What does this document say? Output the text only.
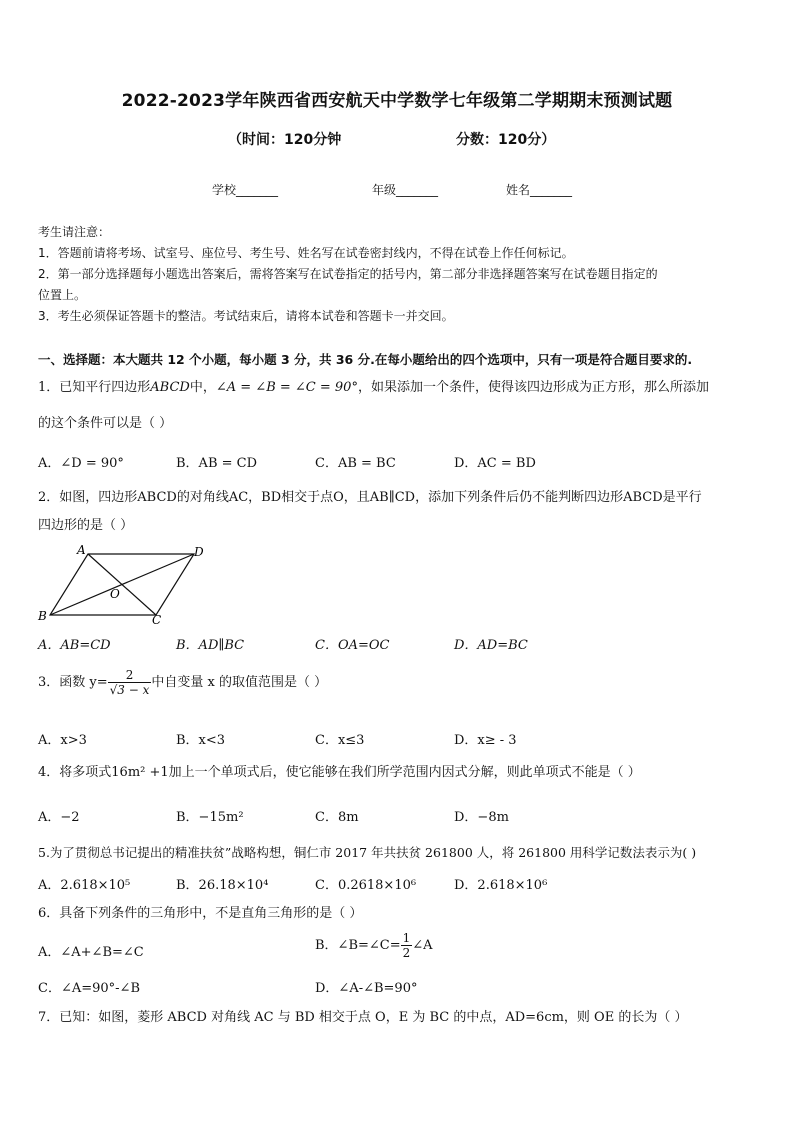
2022-2023学年陕西省西安航天中学数学七年级第二学期期末预测试题
（时间：120分钟	分数：120分）
学校_______	年级_______	姓名_______
考生请注意：
1．答题前请将考场、试室号、座位号、考生号、姓名写在试卷密封线内，不得在试卷上作任何标记。
2．第一部分选择题每小题选出答案后，需将答案写在试卷指定的括号内，第二部分非选择题答案写在试卷题目指定的
位置上。
3．考生必须保证答题卡的整洁。考试结束后，请将本试卷和答题卡一并交回。
一、选择题：本大题共 12 个小题，每小题 3 分，共 36 分.在每小题给出的四个选项中，只有一项是符合题目要求的.
1．已知平行四边形ABCD中，∠A = ∠B = ∠C = 90°，如果添加一个条件，使得该四边形成为正方形，那么所添加
的这个条件可以是（ ）
A．∠D = 90°	B．AB = CD	C．AB = BC	D．AC = BD
2．如图，四边形ABCD的对角线AC，BD相交于点O，且AB∥CD，添加下列条件后仍不能判断四边形ABCD是平行
四边形的是（ ）
A	D
O
B	C
A．AB=CD	B．AD∥BC	C．OA=OC	D．AD=BC
3．函数 $y= \frac{2}{√3 - x}$ 中自变量 x 的取值范围是（ ）
A．x>3	B．x<3	C．x≤3	D．x≥ - 3
4．将多项式16m² +1加上一个单项式后，使它能够在我们所学范围内因式分解，则此单项式不能是（ ）
A．−2	B．−15m²	C．8m	D．−8m
5.为了贯彻总书记提出的精准扶贫”战略构想，铜仁市 2017 年共扶贫 261800 人，将 261800 用科学记数法表示为( )
A．2.618×10⁵	B．26.18×10⁴	C．0.2618×10⁶	D．2.618×10⁶
6．具备下列条件的三角形中，不是直角三角形的是（ ）
A．∠A+∠B=∠C	B．∠B=∠C= $\frac{1}{2}$ ∠A
C．∠A=90°-∠B	D．∠A-∠B=90°
7．已知：如图，菱形 ABCD 对角线 AC 与 BD 相交于点 O，E 为 BC 的中点，AD=6cm，则 OE 的长为（ ）
